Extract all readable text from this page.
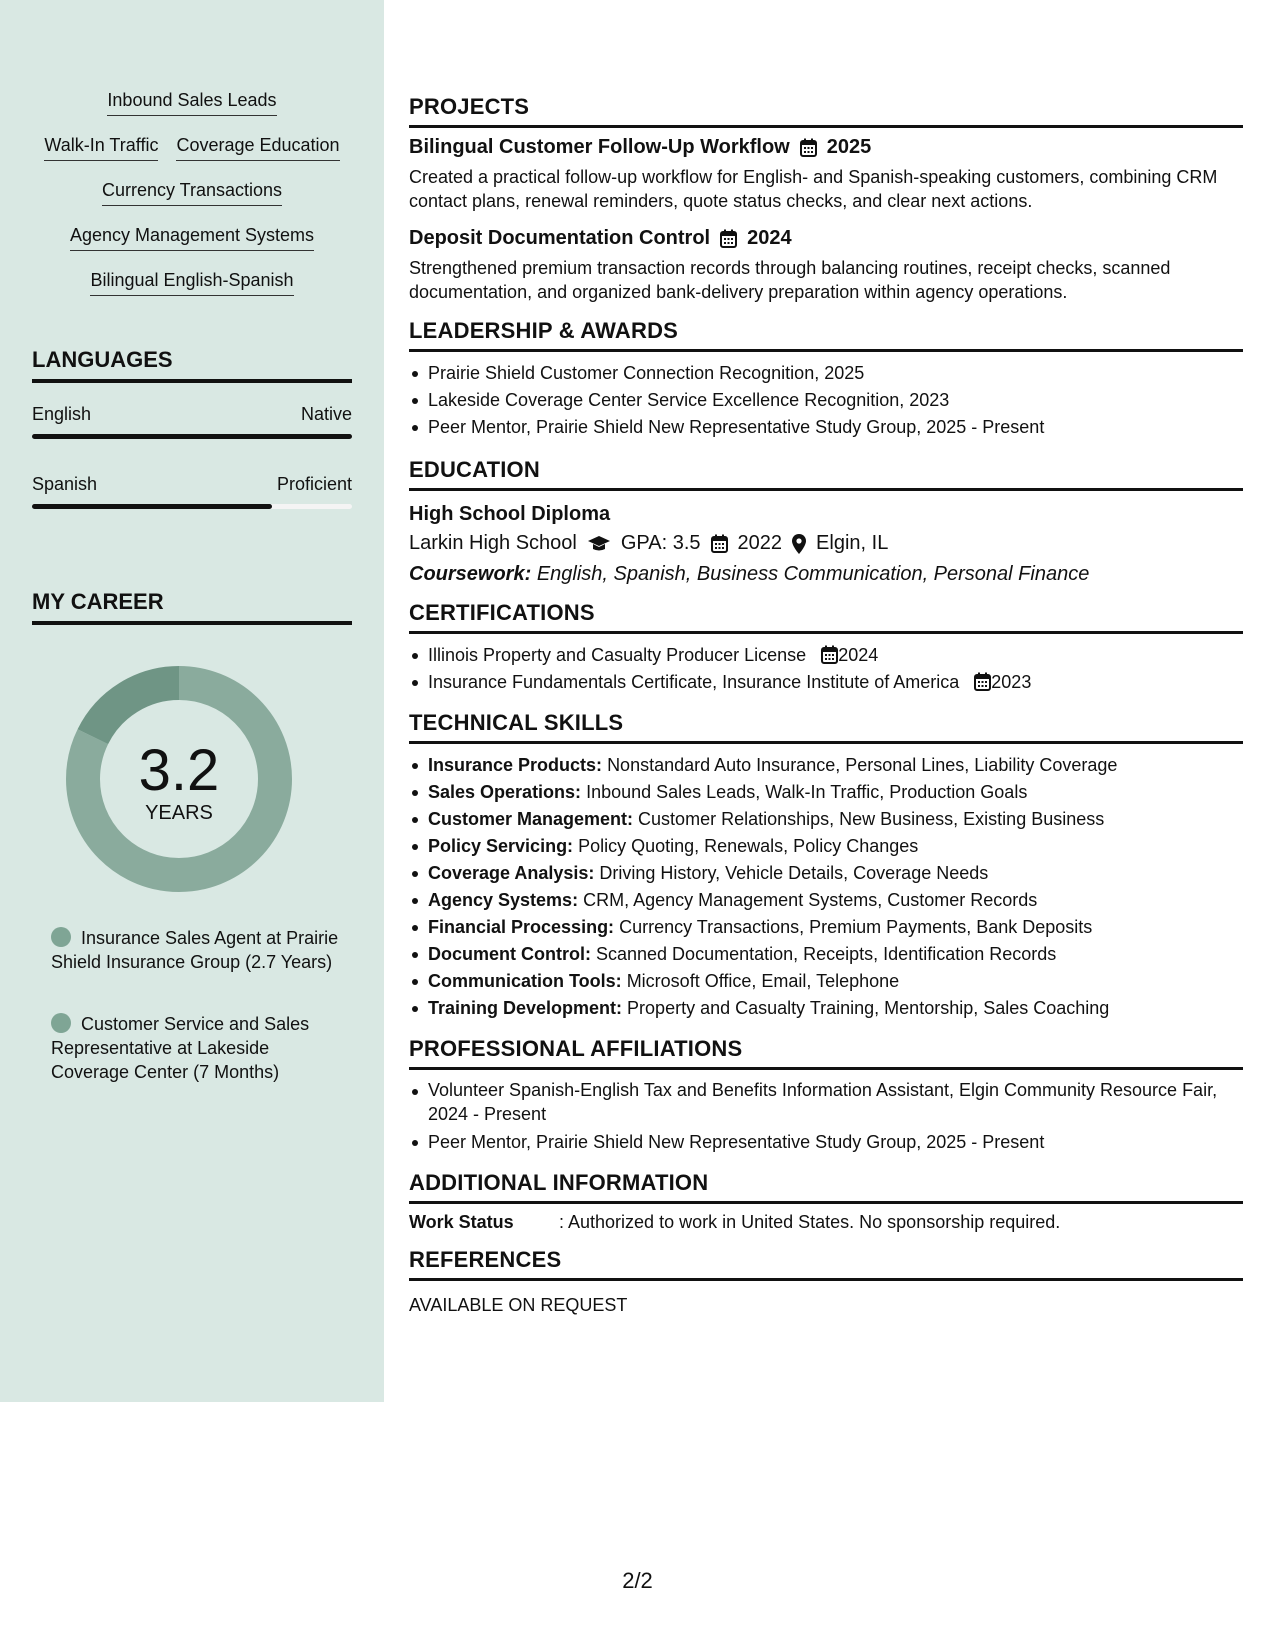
Inbound Sales Leads
Walk-In Traffic Coverage Education
Currency Transactions
Agency Management Systems
Bilingual English-Spanish
LANGUAGES
English	Native
Spanish	Proficient
MY CAREER
3.2
YEARS
Insurance Sales Agent at Prairie Shield Insurance Group (2.7 Years)
Customer Service and Sales Representative at Lakeside Coverage Center (7 Months)
PROJECTS
Bilingual Customer Follow-Up Workflow 2025
Created a practical follow-up workflow for English- and Spanish-speaking customers, combining CRM contact plans, renewal reminders, quote status checks, and clear next actions.
Deposit Documentation Control 2024
Strengthened premium transaction records through balancing routines, receipt checks, scanned documentation, and organized bank-delivery preparation within agency operations.
LEADERSHIP & AWARDS
Prairie Shield Customer Connection Recognition, 2025
Lakeside Coverage Center Service Excellence Recognition, 2023
Peer Mentor, Prairie Shield New Representative Study Group, 2025 - Present
EDUCATION
High School Diploma
Larkin High School GPA: 3.5 2022 Elgin, IL
Coursework: English, Spanish, Business Communication, Personal Finance
CERTIFICATIONS
Illinois Property and Casualty Producer License 2024
Insurance Fundamentals Certificate, Insurance Institute of America 2023
TECHNICAL SKILLS
Insurance Products: Nonstandard Auto Insurance, Personal Lines, Liability Coverage
Sales Operations: Inbound Sales Leads, Walk-In Traffic, Production Goals
Customer Management: Customer Relationships, New Business, Existing Business
Policy Servicing: Policy Quoting, Renewals, Policy Changes
Coverage Analysis: Driving History, Vehicle Details, Coverage Needs
Agency Systems: CRM, Agency Management Systems, Customer Records
Financial Processing: Currency Transactions, Premium Payments, Bank Deposits
Document Control: Scanned Documentation, Receipts, Identification Records
Communication Tools: Microsoft Office, Email, Telephone
Training Development: Property and Casualty Training, Mentorship, Sales Coaching
PROFESSIONAL AFFILIATIONS
Volunteer Spanish-English Tax and Benefits Information Assistant, Elgin Community Resource Fair, 2024 - Present
Peer Mentor, Prairie Shield New Representative Study Group, 2025 - Present
ADDITIONAL INFORMATION
Work Status	: Authorized to work in United States. No sponsorship required.
REFERENCES
AVAILABLE ON REQUEST
2/2
